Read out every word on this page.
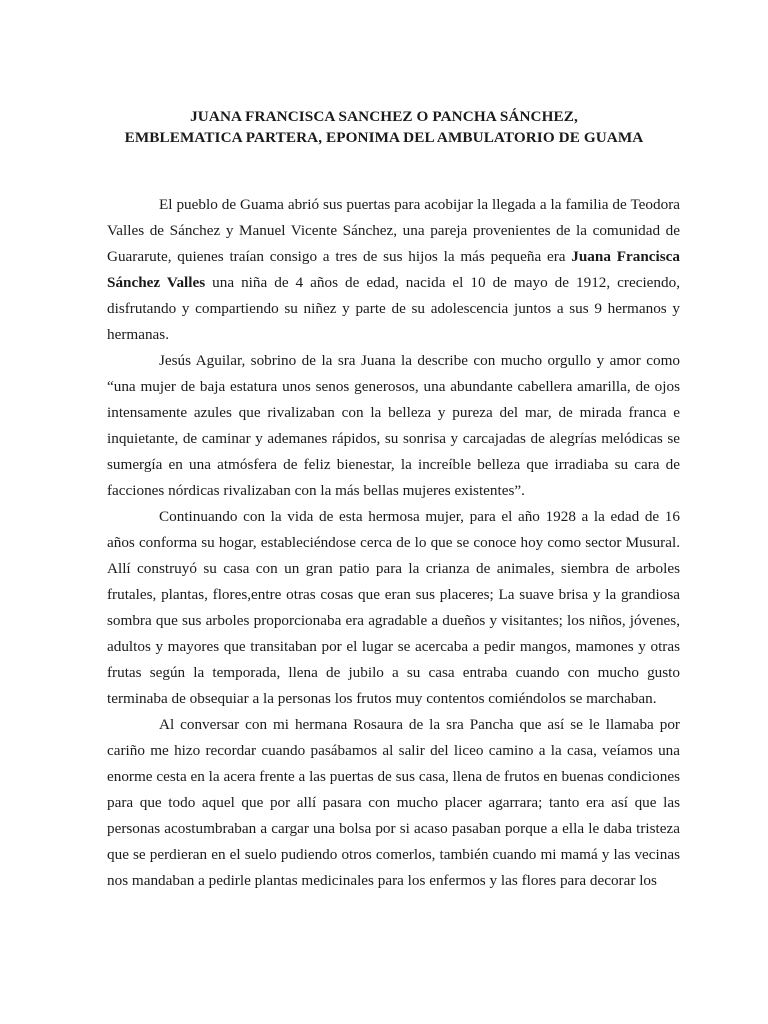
JUANA FRANCISCA SANCHEZ O PANCHA SÁNCHEZ,
EMBLEMATICA PARTERA, EPONIMA DEL AMBULATORIO DE GUAMA

El pueblo de Guama abrió sus puertas para acobijar la llegada a la familia de Teodora Valles de Sánchez y Manuel Vicente Sánchez, una pareja provenientes de la comunidad de Guararute, quienes traían consigo a tres de sus hijos la más pequeña era Juana Francisca Sánchez Valles una niña de 4 años de edad, nacida el 10 de mayo de 1912, creciendo, disfrutando y compartiendo su niñez y parte de su adolescencia juntos a sus 9 hermanos y hermanas.

Jesús Aguilar, sobrino de la sra Juana la describe con mucho orgullo y amor como “una mujer de baja estatura unos senos generosos, una abundante cabellera amarilla, de ojos intensamente azules que rivalizaban con la belleza y pureza del mar, de mirada franca e inquietante, de caminar y ademanes rápidos, su sonrisa y carcajadas de alegrías melódicas se sumergía en una atmósfera de feliz bienestar, la increíble belleza que irradiaba su cara de facciones nórdicas rivalizaban con la más bellas mujeres existentes”.

Continuando con la vida de esta hermosa mujer, para el año 1928 a la edad de 16 años conforma su hogar, estableciéndose cerca de lo que se conoce hoy como sector Musural. Allí construyó su casa con un gran patio para la crianza de animales, siembra de arboles frutales, plantas, flores,entre otras cosas que eran sus placeres; La suave brisa y la grandiosa sombra que sus arboles proporcionaba era agradable a dueños y visitantes; los niños, jóvenes, adultos y mayores que transitaban por el lugar se acercaba a pedir mangos, mamones y otras frutas según la temporada, llena de jubilo a su casa entraba cuando con mucho gusto terminaba de obsequiar a la personas los frutos muy contentos comiéndolos se marchaban.

Al conversar con mi hermana Rosaura de la sra Pancha que así se le llamaba por cariño me hizo recordar cuando pasábamos al salir del liceo camino a la casa, veíamos una enorme cesta en la acera frente a las puertas de sus casa, llena de frutos en buenas condiciones para que todo aquel que por allí pasara con mucho placer agarrara; tanto era así que las personas acostumbraban a cargar una bolsa por si acaso pasaban porque a ella le daba tristeza que se perdieran en el suelo pudiendo otros comerlos, también cuando mi mamá y las vecinas nos mandaban a pedirle plantas medicinales para los enfermos y las flores para decorar los
